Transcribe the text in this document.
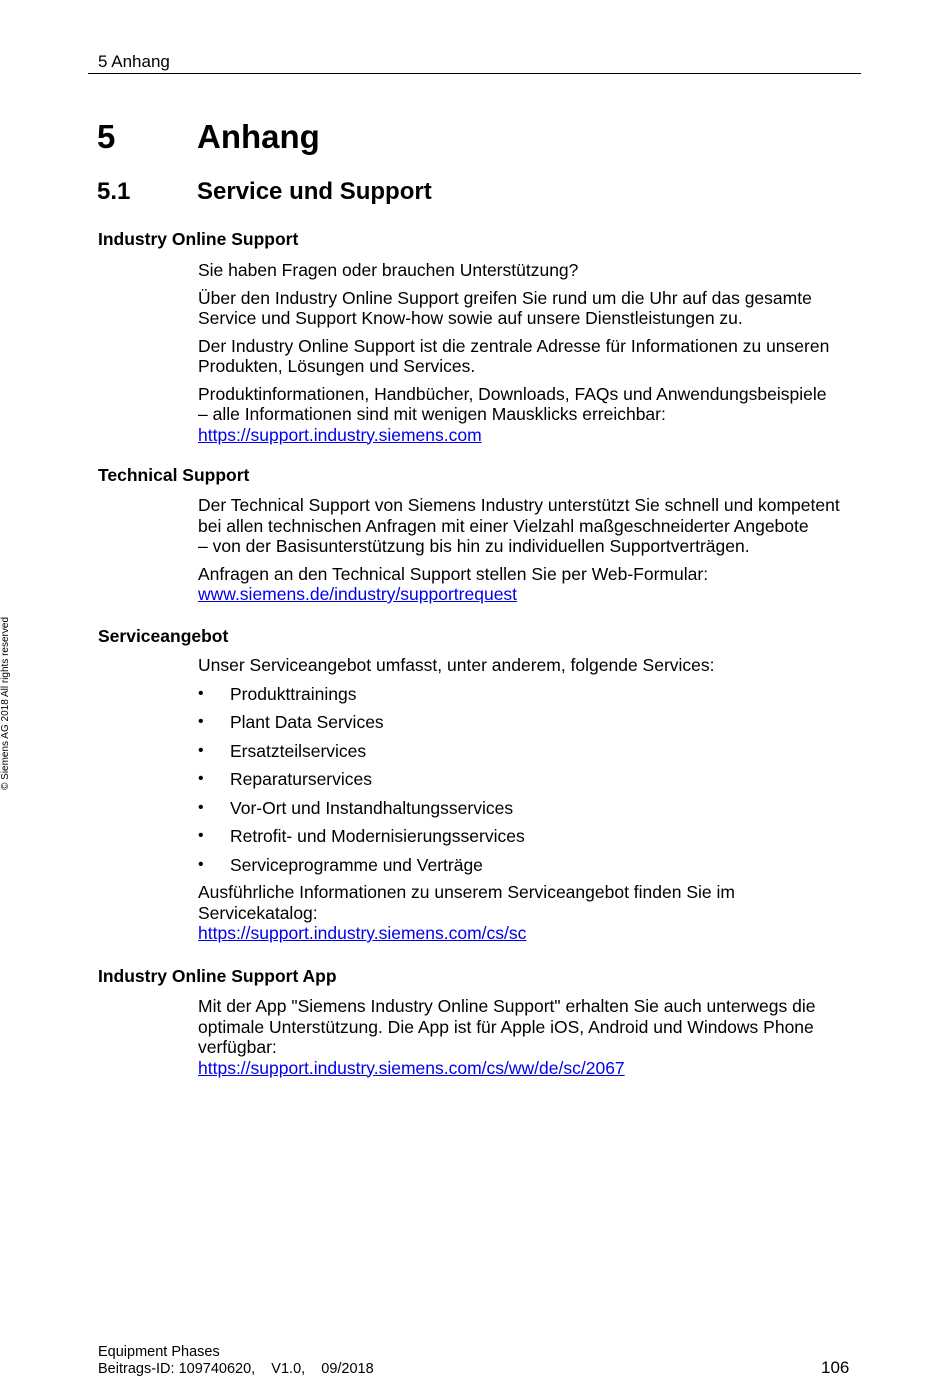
5 Anhang
© Siemens AG 2018 All rights reserved
5 Anhang
5.1	Service und Support
Industry Online Support

Sie haben Fragen oder brauchen Unterstützung?

Über den Industry Online Support greifen Sie rund um die Uhr auf das gesamte Service und Support Know-how sowie auf unsere Dienstleistungen zu.

Der Industry Online Support ist die zentrale Adresse für Informationen zu unseren Produkten, Lösungen und Services.

Produktinformationen, Handbücher, Downloads, FAQs und Anwendungsbeispiele
– alle Informationen sind mit wenigen Mausklicks erreichbar:
https://support.industry.siemens.com

Technical Support

Der Technical Support von Siemens Industry unterstützt Sie schnell und kompetent
bei allen technischen Anfragen mit einer Vielzahl maßgeschneiderter Angebote
– von der Basisunterstützung bis hin zu individuellen Supportverträgen.

Anfragen an den Technical Support stellen Sie per Web-Formular:
www.siemens.de/industry/supportrequest

Serviceangebot

Unser Serviceangebot umfasst, unter anderem, folgende Services:

• Produkttrainings
• Plant Data Services
• Ersatzteilservices
• Reparaturservices
• Vor-Ort und Instandhaltungsservices
• Retrofit- und Modernisierungsservices
• Serviceprogramme und Verträge

Ausführliche Informationen zu unserem Serviceangebot finden Sie im
Servicekatalog:
https://support.industry.siemens.com/cs/sc

Industry Online Support App

Mit der App "Siemens Industry Online Support" erhalten Sie auch unterwegs die
optimale Unterstützung. Die App ist für Apple iOS, Android und Windows Phone
verfügbar:
https://support.industry.siemens.com/cs/ww/de/sc/2067

Equipment Phases
Beitrags-ID: 109740620,    V1.0,    09/2018	106
